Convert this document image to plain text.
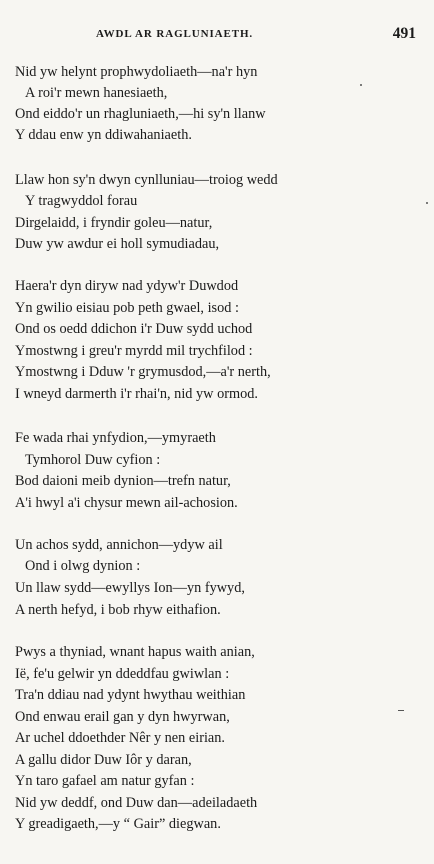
AWDL AR RAGLUNIAETH.	491
Nid yw helynt prophwydoliaeth—na'r hyn
A roi'r mewn hanesiaeth,
Ond eiddo'r un rhagluniaeth,—hi sy'n llanw
Y ddau enw yn ddiwahaniaeth.
Llaw hon sy'n dwyn cynlluniau—troiog wedd
Y tragwyddol forau
Dirgelaidd, i fryndir goleu—natur,
Duw yw awdur ei holl symudiadau,
Haera'r dyn diryw nad ydyw'r Duwdod
Yn gwilio eisiau pob peth gwael, isod :
Ond os oedd ddichon i'r Duw sydd uchod
Ymostwng i greu'r myrdd mil trychfilod :
Ymostwng i Dduw 'r grymusdod,—a'r nerth,
I wneyd darmerth i'r rhai'n, nid yw ormod.
Fe wada rhai ynfydion,—ymyraeth
Tymhorol Duw cyfion :
Bod daioni meib dynion—trefn natur,
A'i hwyl a'i chysur mewn ail-achosion.
Un achos sydd, annichon—ydyw ail
Ond i olwg dynion :
Un llaw sydd—ewyllys Ion—yn fywyd,
A nerth hefyd, i bob rhyw eithafion.
Pwys a thyniad, wnant hapus waith anian,
Iё, fe'u gelwir yn ddeddfau gwiwlan :
Tra'n ddiau nad ydynt hwythau weithian
Ond enwau erail gan y dyn hwyrwan,
Ar uchel ddoethder Nêr y nen eirian.
A gallu didor Duw Iôr y daran,
Yn taro gafael am natur gyfan :
Nid yw deddf, ond Duw dan—adeiladaeth
Y greadigaeth,—y “ Gair” diegwan.
